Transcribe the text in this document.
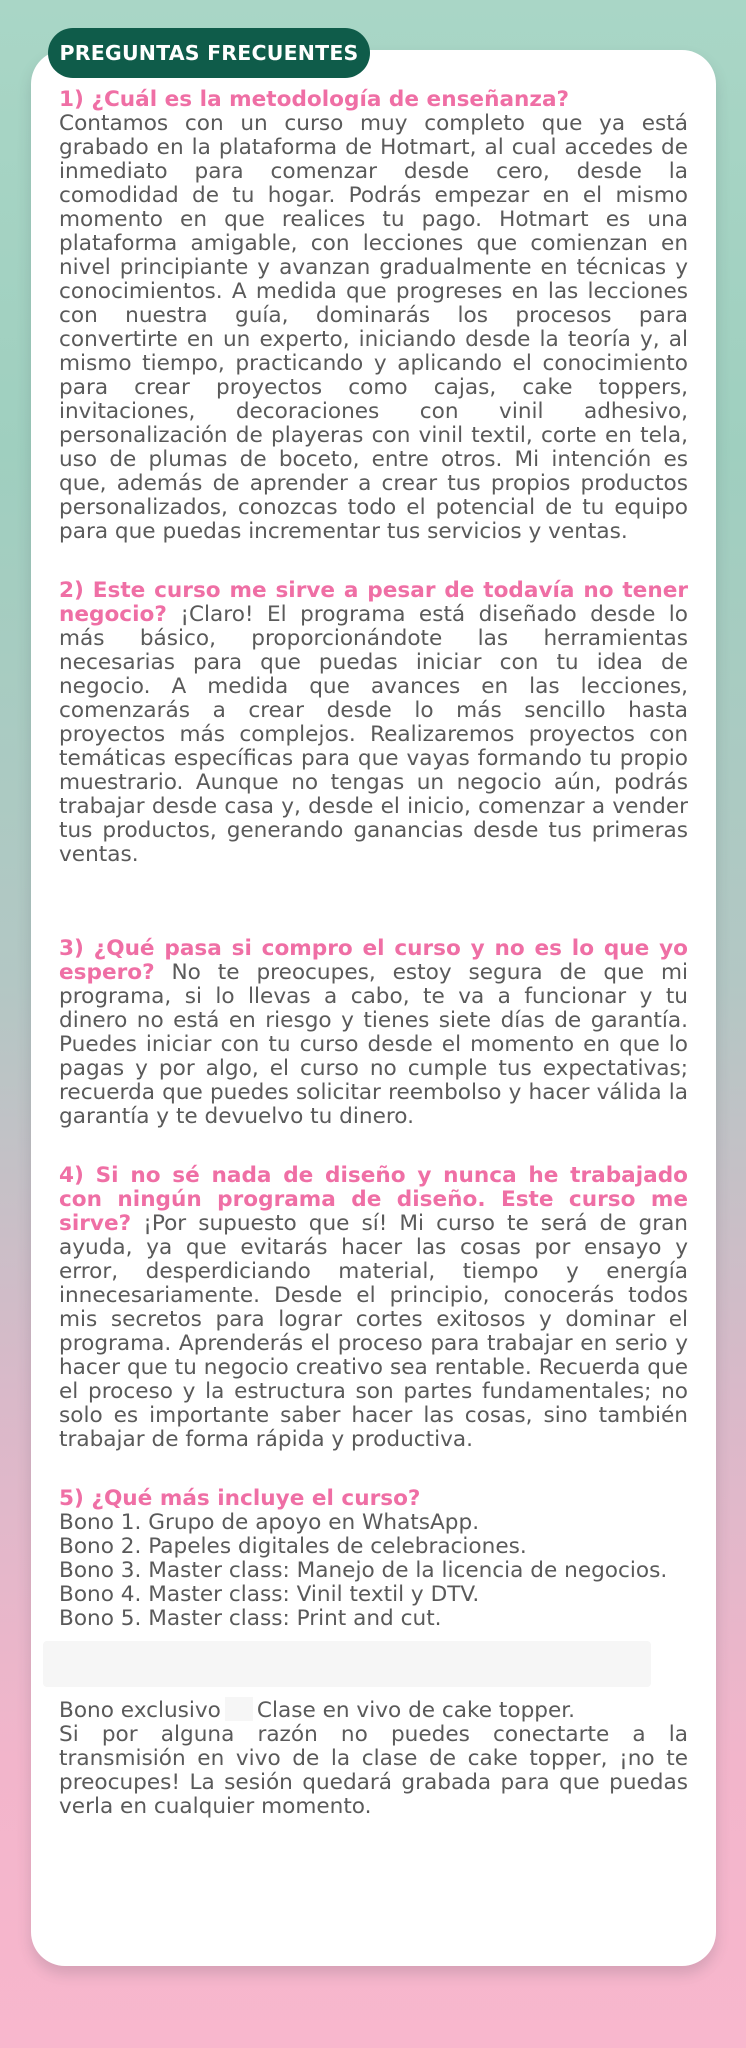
PREGUNTAS FRECUENTES

1) ¿Cuál es la metodología de enseñanza?

Contamos con un curso muy completo que ya está grabado en la plataforma de Hotmart, al cual accedes de inmediato para comenzar desde cero, desde la comodidad de tu hogar. Podrás empezar en el mismo momento en que realices tu pago. Hotmart es una plataforma amigable, con lecciones que comienzan en nivel principiante y avanzan gradualmente en técnicas y conocimientos. A medida que progreses en las lecciones con nuestra guía, dominarás los procesos para convertirte en un experto, iniciando desde la teoría y, al mismo tiempo, practicando y aplicando el conocimiento para crear proyectos como cajas, cake toppers, invitaciones, decoraciones con vinil adhesivo, personalización de playeras con vinil textil, corte en tela, uso de plumas de boceto, entre otros. Mi intención es que, además de aprender a crear tus propios productos personalizados, conozcas todo el potencial de tu equipo para que puedas incrementar tus servicios y ventas.

2) Este curso me sirve a pesar de todavía no tener negocio? ¡Claro! El programa está diseñado desde lo más básico, proporcionándote las herramientas necesarias para que puedas iniciar con tu idea de negocio. A medida que avances en las lecciones, comenzarás a crear desde lo más sencillo hasta proyectos más complejos. Realizaremos proyectos con temáticas específicas para que vayas formando tu propio muestrario. Aunque no tengas un negocio aún, podrás trabajar desde casa y, desde el inicio, comenzar a vender tus productos, generando ganancias desde tus primeras ventas.

3) ¿Qué pasa si compro el curso y no es lo que yo espero? No te preocupes, estoy segura de que mi programa, si lo llevas a cabo, te va a funcionar y tu dinero no está en riesgo y tienes siete días de garantía. Puedes iniciar con tu curso desde el momento en que lo pagas y por algo, el curso no cumple tus expectativas; recuerda que puedes solicitar reembolso y hacer válida la garantía y te devuelvo tu dinero.

4) Si no sé nada de diseño y nunca he trabajado con ningún programa de diseño. Este curso me sirve? ¡Por supuesto que sí! Mi curso te será de gran ayuda, ya que evitarás hacer las cosas por ensayo y error, desperdiciando material, tiempo y energía innecesariamente. Desde el principio, conocerás todos mis secretos para lograr cortes exitosos y dominar el programa. Aprenderás el proceso para trabajar en serio y hacer que tu negocio creativo sea rentable. Recuerda que el proceso y la estructura son partes fundamentales; no solo es importante saber hacer las cosas, sino también trabajar de forma rápida y productiva.

5) ¿Qué más incluye el curso?

Bono 1. Grupo de apoyo en WhatsApp.
Bono 2. Papeles digitales de celebraciones.
Bono 3. Master class: Manejo de la licencia de negocios.
Bono 4. Master class: Vinil textil y DTV.
Bono 5. Master class: Print and cut.

Bono exclusivo Clase en vivo de cake topper.

Si por alguna razón no puedes conectarte a la transmisión en vivo de la clase de cake topper, ¡no te preocupes! La sesión quedará grabada para que puedas verla en cualquier momento.
